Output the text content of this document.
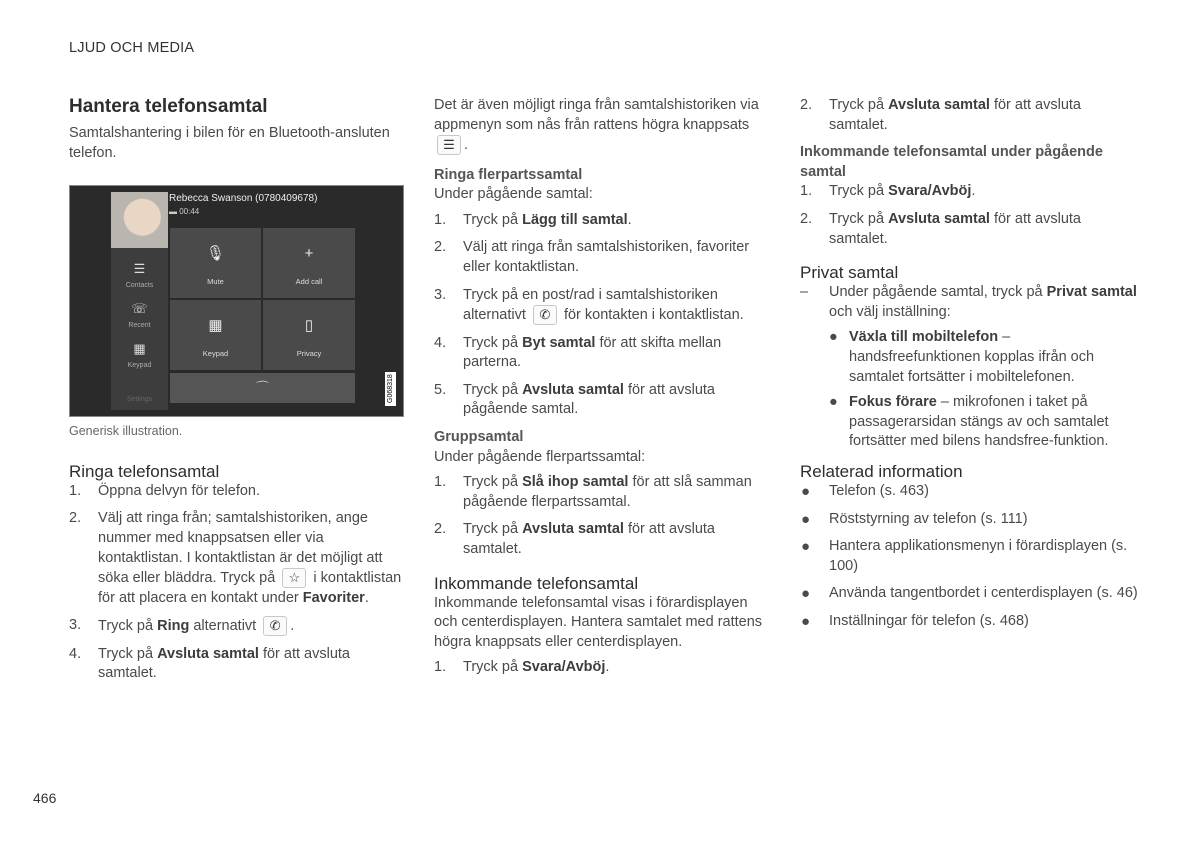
LJUD OCH MEDIA
Hantera telefonsamtal

Samtalshantering i bilen för en Bluetooth-ansluten telefon.

☰
Contacts
☏
Recent
▦
Keypad
Settings
Rebecca Swanson (0780409678)
▬ 00:44
🎙
Mute
+
Add call
▦
Keypad
▯
Privacy
⌒	G068318
Generisk illustration.
Ringa telefonsamtal
1. Öppna delvyn för telefon.
2. Välj att ringa från; samtalshistoriken, ange nummer med knappsatsen eller via kontaktlistan. I kontaktlistan är det möjligt att söka eller bläddra. Tryck på ☆ i kontaktlistan för att placera en kontakt under Favoriter.
3. Tryck på Ring alternativt ✆ .
4. Tryck på Avsluta samtal för att avsluta samtalet.

Det är även möjligt ringa från samtalshistoriken via appmenyn som nås från rattens högra knappsats ☰ .

Ringa flerpartssamtal

Under pågående samtal:

1. Tryck på Lägg till samtal.
2. Välj att ringa från samtalshistoriken, favoriter eller kontaktlistan.
3. Tryck på en post/rad i samtalshistoriken alternativt ✆ för kontakten i kontaktlistan.
4. Tryck på Byt samtal för att skifta mellan parterna.
5. Tryck på Avsluta samtal för att avsluta pågående samtal.
Gruppsamtal

Under pågående flerpartssamtal:

1. Tryck på Slå ihop samtal för att slå samman pågående flerpartssamtal.
2. Tryck på Avsluta samtal för att avsluta samtalet.
Inkommande telefonsamtal

Inkommande telefonsamtal visas i förardisplayen och centerdisplayen. Hantera samtalet med rattens högra knappsats eller centerdisplayen.

1. Tryck på Svara/Avböj.
2. Tryck på Avsluta samtal för att avsluta samtalet.
Inkommande telefonsamtal under pågående samtal
1. Tryck på Svara/Avböj.
2. Tryck på Avsluta samtal för att avsluta samtalet.
Privat samtal
– Under pågående samtal, tryck på Privat samtal och välj inställning:
● Växla till mobiltelefon – handsfreefunktionen kopplas ifrån och samtalet fortsätter i mobiltelefonen.
● Fokus förare – mikrofonen i taket på passagerarsidan stängs av och samtalet fortsätter med bilens handsfree-funktion.
Relaterad information
● Telefon (s. 463)
● Röststyrning av telefon (s. 111)
● Hantera applikationsmenyn i förardisplayen (s. 100)
● Använda tangentbordet i centerdisplayen (s. 46)
● Inställningar för telefon (s. 468)
466
